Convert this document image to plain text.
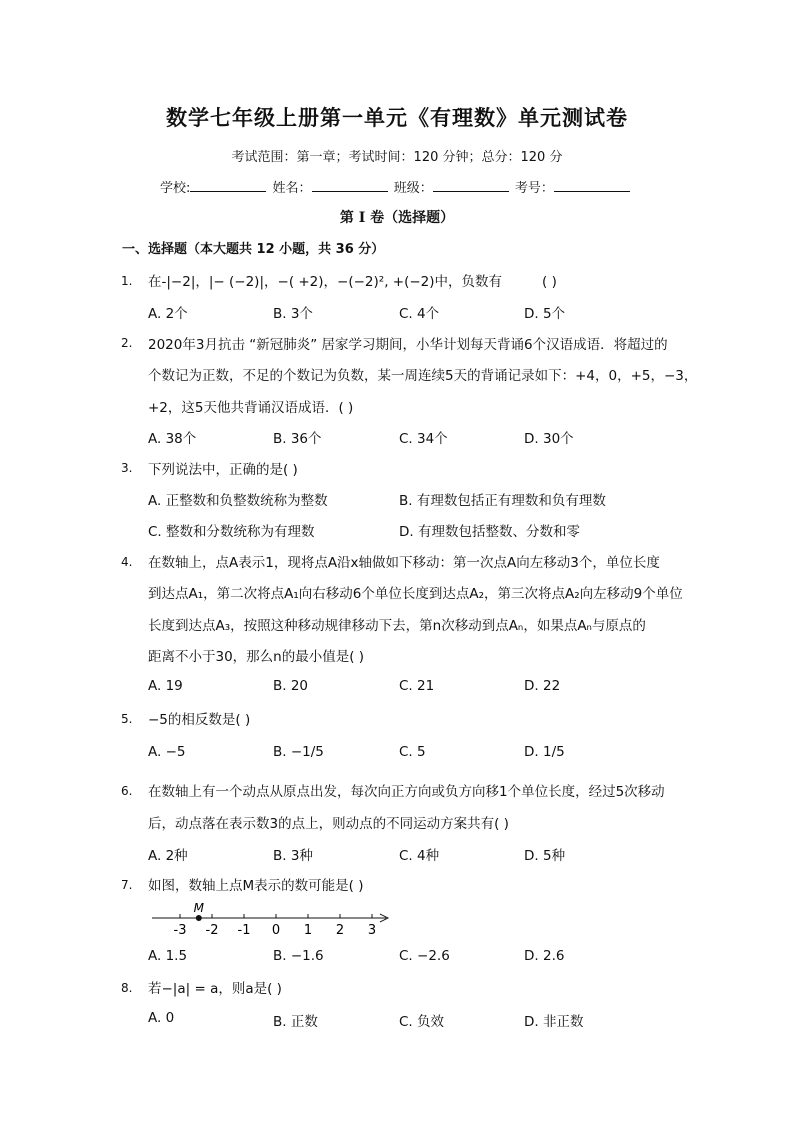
数学七年级上册第一单元《有理数》单元测试卷
考试范围：第一章；考试时间：120 分钟；总分：120 分
学校:	姓名：	班级：	考号：
第 I 卷（选择题）
一、选择题（本大题共 12 小题，共 36 分）
1. 在-|−2|，|− (−2)|，−( +2)，−(−2)², +(−2)中，负数有	( )
A. 2个	B. 3个	C. 4个	D. 5个
2. 2020年3月抗击 “新冠肺炎” 居家学习期间，小华计划每天背诵6个汉语成语．将超过的
个数记为正数，不足的个数记为负数，某一周连续5天的背诵记录如下：+4，0，+5，−3，
+2，这5天他共背诵汉语成语．( )
A. 38个	B. 36个	C. 34个	D. 30个
3. 下列说法中，正确的是( )
A. 正整数和负整数统称为整数	B. 有理数包括正有理数和负有理数
C. 整数和分数统称为有理数	D. 有理数包括整数、分数和零
4. 在数轴上，点A表示1，现将点A沿x轴做如下移动：第一次点A向左移动3个，单位长度
到达点A₁，第二次将点A₁向右移动6个单位长度到达点A₂，第三次将点A₂向左移动9个单位
长度到达点A₃，按照这种移动规律移动下去，第n次移动到点Aₙ，如果点Aₙ与原点的
距离不小于30，那么n的最小值是( )
A. 19	B. 20	C. 21	D. 22
5. −5的相反数是( )
A. −5	B. −1/5	C. 5	D. 1/5
6. 在数轴上有一个动点从原点出发，每次向正方向或负方向移1个单位长度，经过5次移动
后，动点落在表示数3的点上，则动点的不同运动方案共有( )
A. 2种	B. 3种	C. 4种	D. 5种
7. 如图，数轴上点M表示的数可能是( )
-3 -2 -1 0 1 2 3
M
A. 1.5	B. −1.6	C. −2.6	D. 2.6
8. 若−|a| = a，则a是( )
A. 0	B. 正数	C. 负效	D. 非正数
